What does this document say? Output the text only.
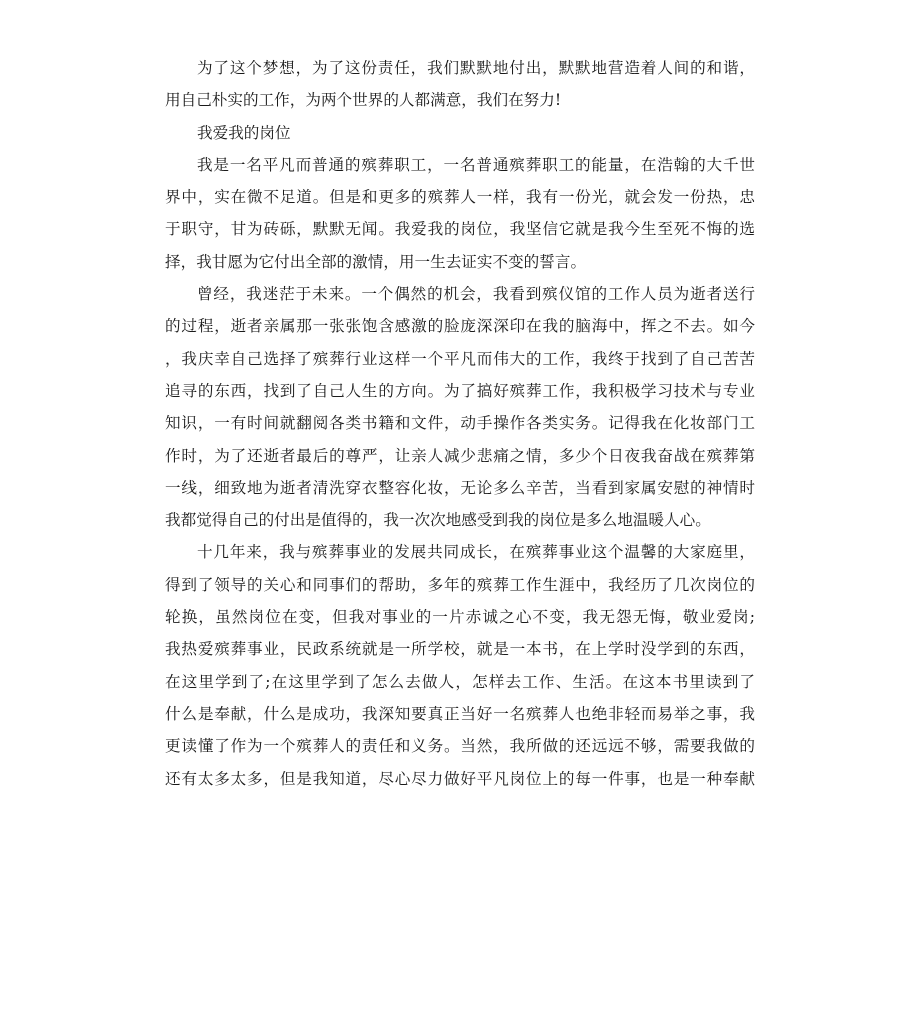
为了这个梦想，为了这份责任，我们默默地付出，默默地营造着人间的和谐，
用自己朴实的工作，为两个世界的人都满意，我们在努力!
我爱我的岗位
我是一名平凡而普通的殡葬职工，一名普通殡葬职工的能量，在浩翰的大千世
界中，实在微不足道。但是和更多的殡葬人一样，我有一份光，就会发一份热，忠
于职守，甘为砖砾，默默无闻。我爱我的岗位，我坚信它就是我今生至死不悔的选
择，我甘愿为它付出全部的激情，用一生去证实不变的誓言。
曾经，我迷茫于未来。一个偶然的机会，我看到殡仪馆的工作人员为逝者送行
的过程，逝者亲属那一张张饱含感激的脸庞深深印在我的脑海中，挥之不去。如今
，我庆幸自己选择了殡葬行业这样一个平凡而伟大的工作，我终于找到了自己苦苦
追寻的东西，找到了自己人生的方向。为了搞好殡葬工作，我积极学习技术与专业
知识，一有时间就翻阅各类书籍和文件，动手操作各类实务。记得我在化妆部门工
作时，为了还逝者最后的尊严，让亲人减少悲痛之情，多少个日夜我奋战在殡葬第
一线，细致地为逝者清洗穿衣整容化妆，无论多么辛苦，当看到家属安慰的神情时
我都觉得自己的付出是值得的，我一次次地感受到我的岗位是多么地温暖人心。
十几年来，我与殡葬事业的发展共同成长，在殡葬事业这个温馨的大家庭里，
得到了领导的关心和同事们的帮助，多年的殡葬工作生涯中，我经历了几次岗位的
轮换，虽然岗位在变，但我对事业的一片赤诚之心不变，我无怨无悔，敬业爱岗;
我热爱殡葬事业，民政系统就是一所学校，就是一本书，在上学时没学到的东西，
在这里学到了;在这里学到了怎么去做人，怎样去工作、生活。在这本书里读到了
什么是奉献，什么是成功，我深知要真正当好一名殡葬人也绝非轻而易举之事，我
更读懂了作为一个殡葬人的责任和义务。当然，我所做的还远远不够，需要我做的
还有太多太多，但是我知道，尽心尽力做好平凡岗位上的每一件事，也是一种奉献
